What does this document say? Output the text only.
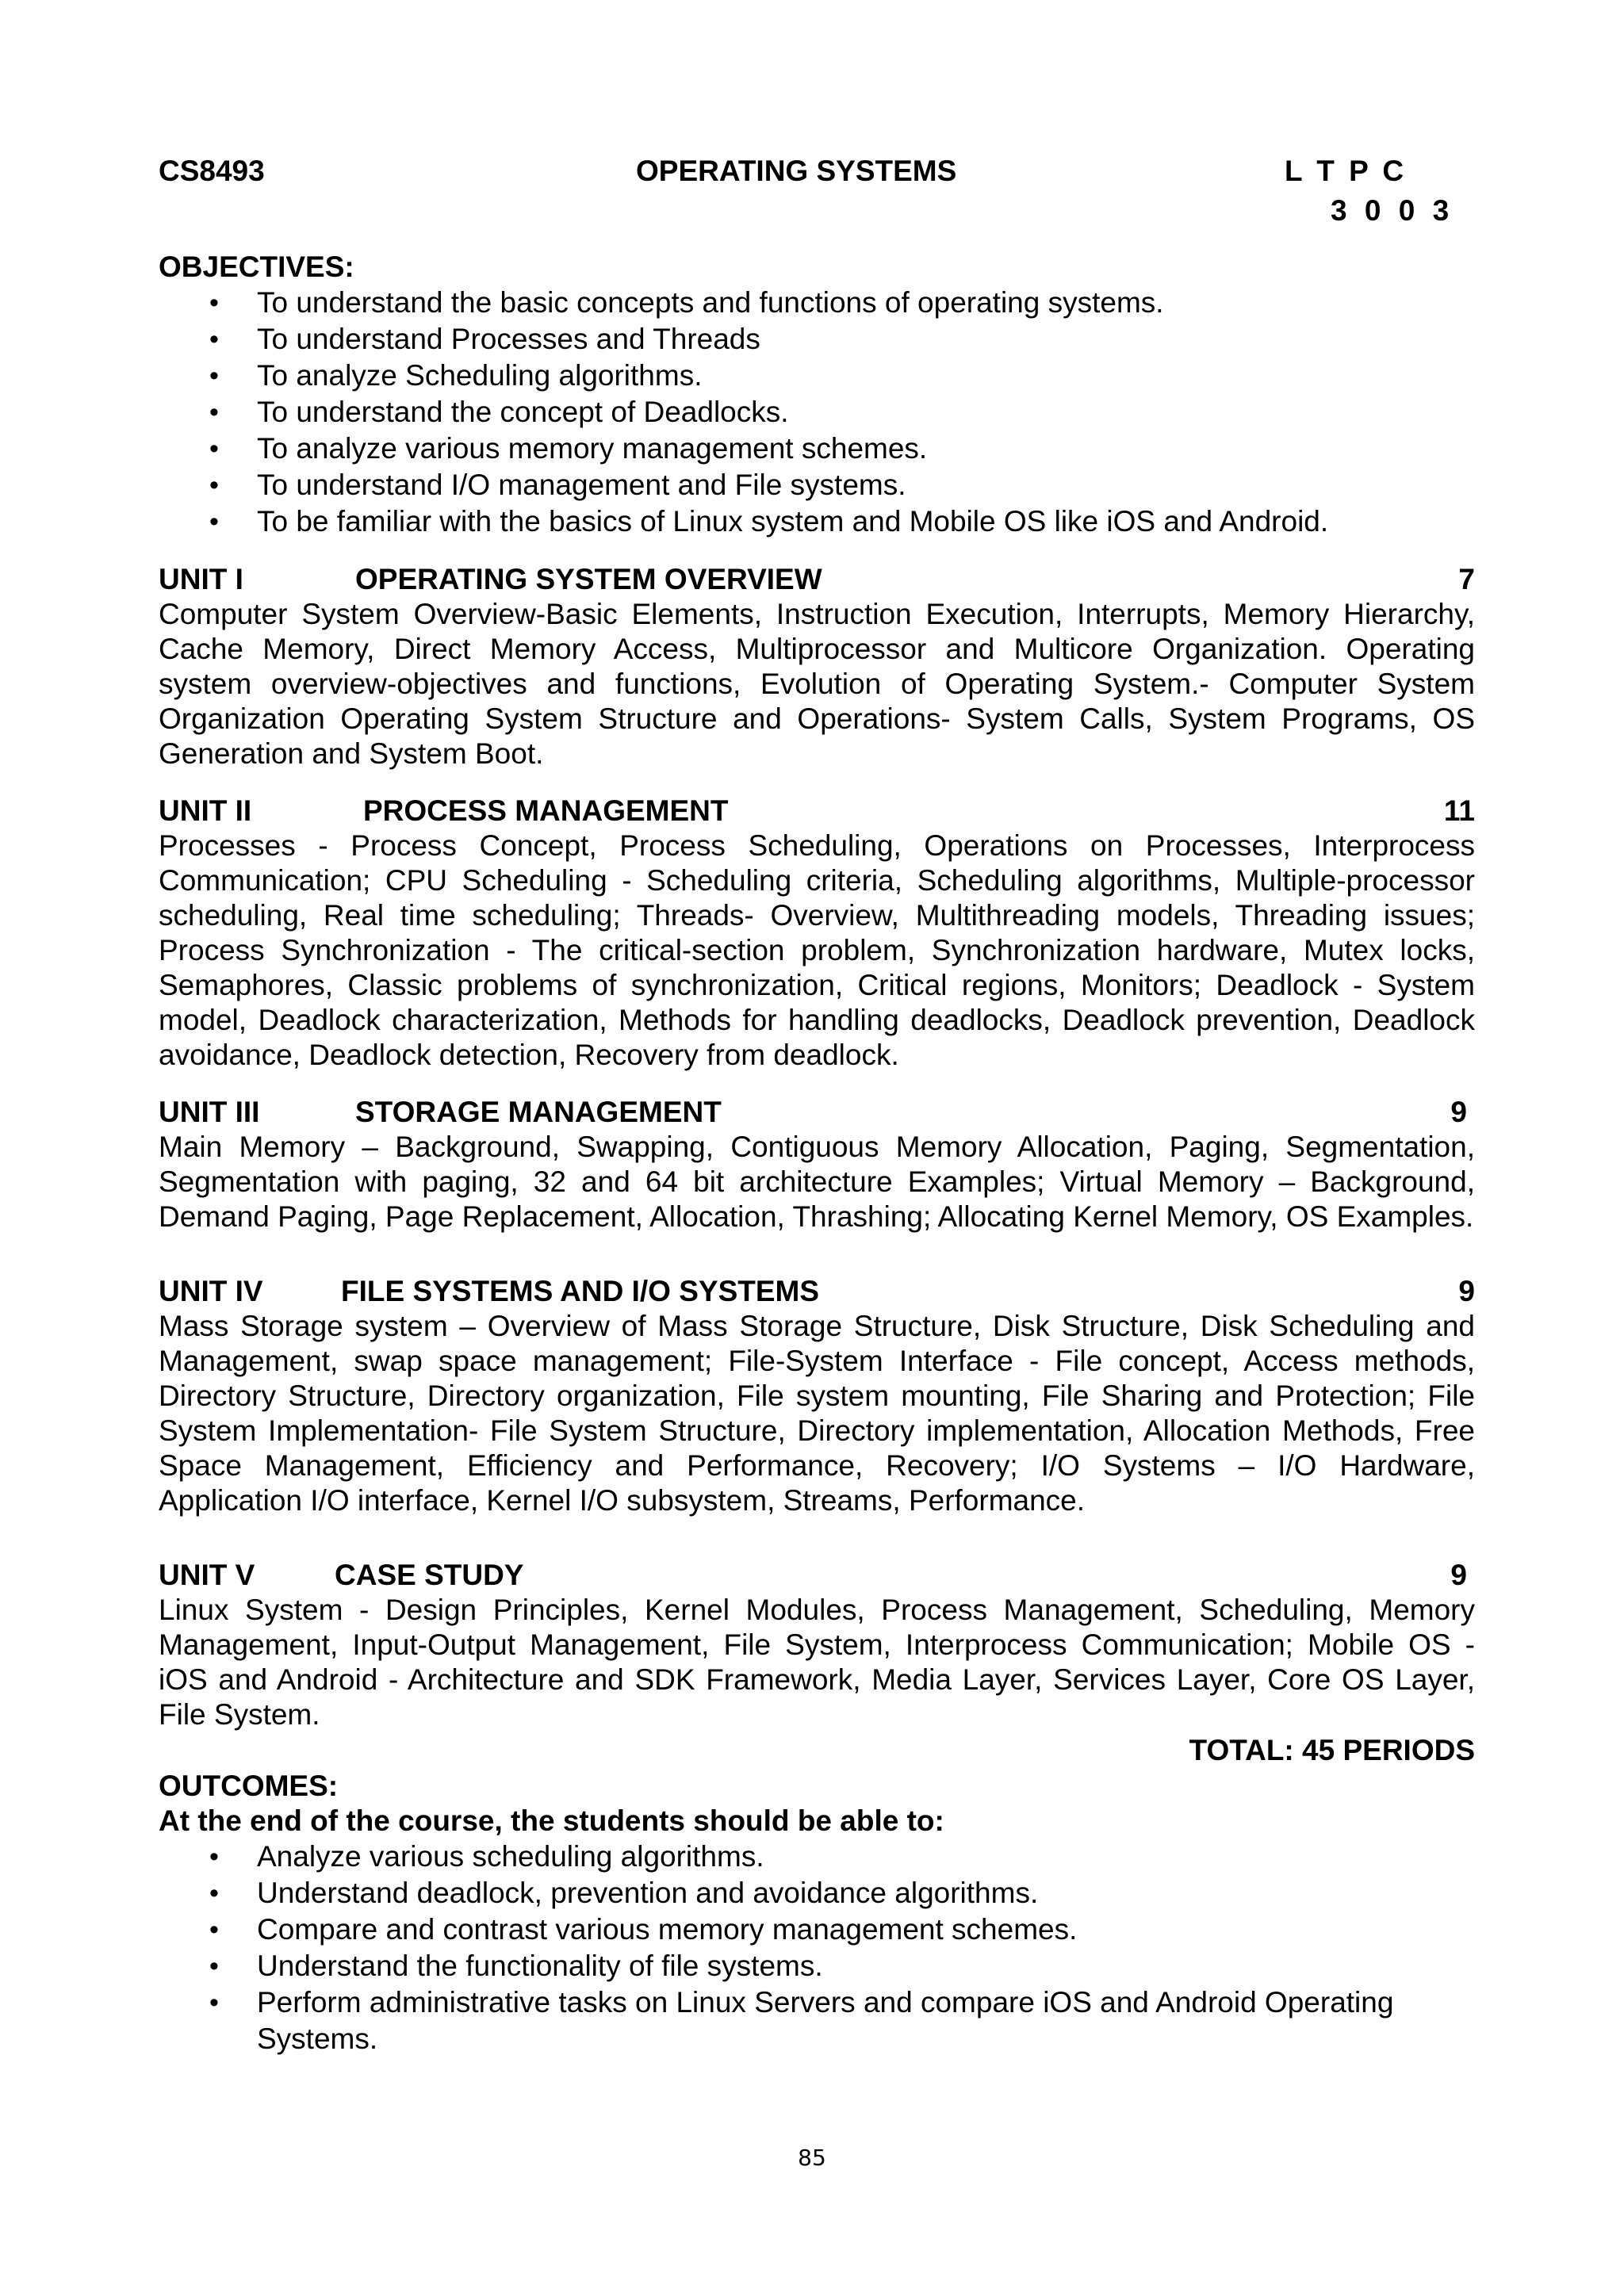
CS8493	OPERATING SYSTEMS	L T P C
3 0 0 3
OBJECTIVES:
• To understand the basic concepts and functions of operating systems.
• To understand Processes and Threads
• To analyze Scheduling algorithms.
• To understand the concept of Deadlocks.
• To analyze various memory management schemes.
• To understand I/O management and File systems.
• To be familiar with the basics of Linux system and Mobile OS like iOS and Android.
UNIT I	OPERATING SYSTEM OVERVIEW	7
Computer System Overview-Basic Elements, Instruction Execution, Interrupts, Memory Hierarchy, Cache Memory, Direct Memory Access, Multiprocessor and Multicore Organization. Operating system overview-objectives and functions, Evolution of Operating System.- Computer System Organization Operating System Structure and Operations- System Calls, System Programs, OS Generation and System Boot.
UNIT II	PROCESS MANAGEMENT	11
Processes - Process Concept, Process Scheduling, Operations on Processes, Interprocess Communication; CPU Scheduling - Scheduling criteria, Scheduling algorithms, Multiple-processor scheduling, Real time scheduling; Threads- Overview, Multithreading models, Threading issues; Process Synchronization - The critical-section problem, Synchronization hardware, Mutex locks, Semaphores, Classic problems of synchronization, Critical regions, Monitors; Deadlock - System model, Deadlock characterization, Methods for handling deadlocks, Deadlock prevention, Deadlock avoidance, Deadlock detection, Recovery from deadlock.
UNIT III	STORAGE MANAGEMENT	9
Main Memory – Background, Swapping, Contiguous Memory Allocation, Paging, Segmentation, Segmentation with paging, 32 and 64 bit architecture Examples; Virtual Memory – Background, Demand Paging, Page Replacement, Allocation, Thrashing; Allocating Kernel Memory, OS Examples.
UNIT IV	FILE SYSTEMS AND I/O SYSTEMS	9
Mass Storage system – Overview of Mass Storage Structure, Disk Structure, Disk Scheduling and Management, swap space management; File-System Interface - File concept, Access methods, Directory Structure, Directory organization, File system mounting, File Sharing and Protection; File System Implementation- File System Structure, Directory implementation, Allocation Methods, Free Space Management, Efficiency and Performance, Recovery; I/O Systems – I/O Hardware, Application I/O interface, Kernel I/O subsystem, Streams, Performance.
UNIT V	CASE STUDY	9
Linux System - Design Principles, Kernel Modules, Process Management, Scheduling, Memory Management, Input-Output Management, File System, Interprocess Communication; Mobile OS - iOS and Android - Architecture and SDK Framework, Media Layer, Services Layer, Core OS Layer, File System.
TOTAL: 45 PERIODS
OUTCOMES:
At the end of the course, the students should be able to:
• Analyze various scheduling algorithms.
• Understand deadlock, prevention and avoidance algorithms.
• Compare and contrast various memory management schemes.
• Understand the functionality of file systems.
• Perform administrative tasks on Linux Servers and compare iOS and Android Operating Systems.
85
